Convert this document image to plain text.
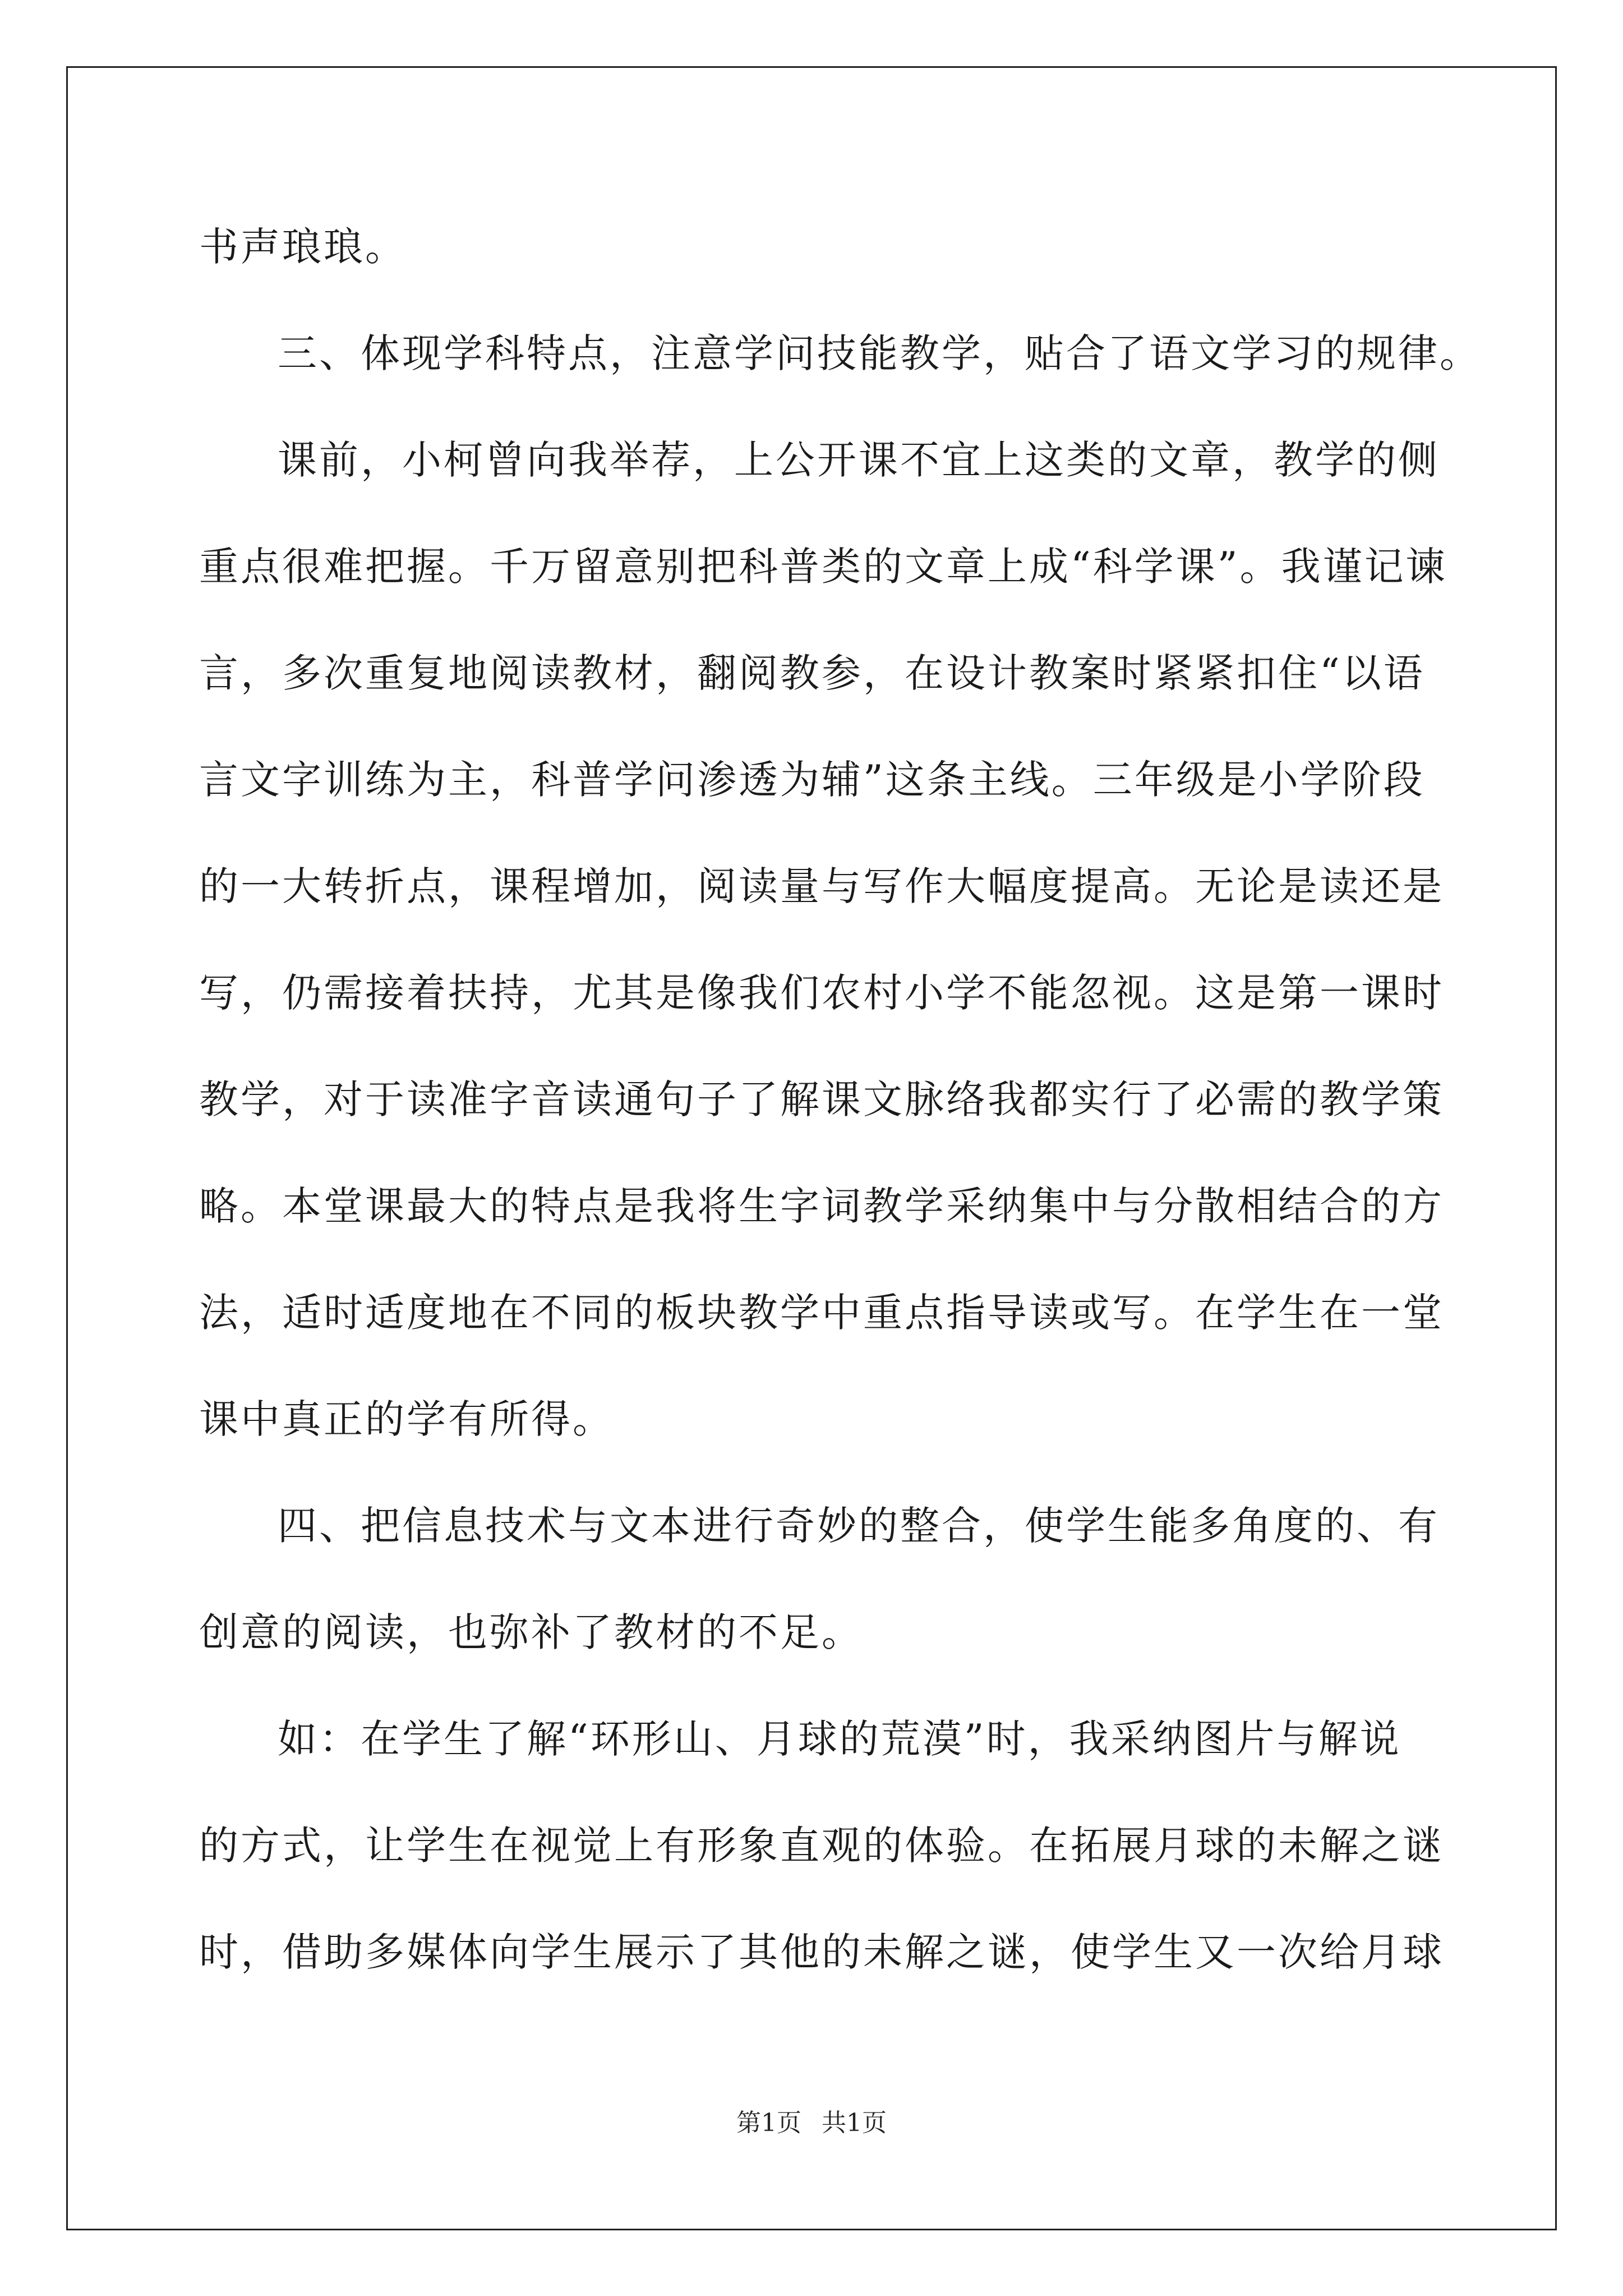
书声琅琅。
三、体现学科特点，注意学问技能教学，贴合了语文学习的规律。
课前，小柯曾向我举荐，上公开课不宜上这类的文章，教学的侧
重点很难把握。千万留意别把科普类的文章上成“科学课”。我谨记谏
言，多次重复地阅读教材，翻阅教参，在设计教案时紧紧扣住“以语
言文字训练为主，科普学问渗透为辅”这条主线。三年级是小学阶段
的一大转折点，课程增加，阅读量与写作大幅度提高。无论是读还是
写，仍需接着扶持，尤其是像我们农村小学不能忽视。这是第一课时
教学，对于读准字音读通句子了解课文脉络我都实行了必需的教学策
略。本堂课最大的特点是我将生字词教学采纳集中与分散相结合的方
法，适时适度地在不同的板块教学中重点指导读或写。在学生在一堂
课中真正的学有所得。
四、把信息技术与文本进行奇妙的整合，使学生能多角度的、有
创意的阅读，也弥补了教材的不足。
如：在学生了解“环形山、月球的荒漠”时，我采纳图片与解说
的方式，让学生在视觉上有形象直观的体验。在拓展月球的未解之谜
时，借助多媒体向学生展示了其他的未解之谜，使学生又一次给月球
第1页 共1页
